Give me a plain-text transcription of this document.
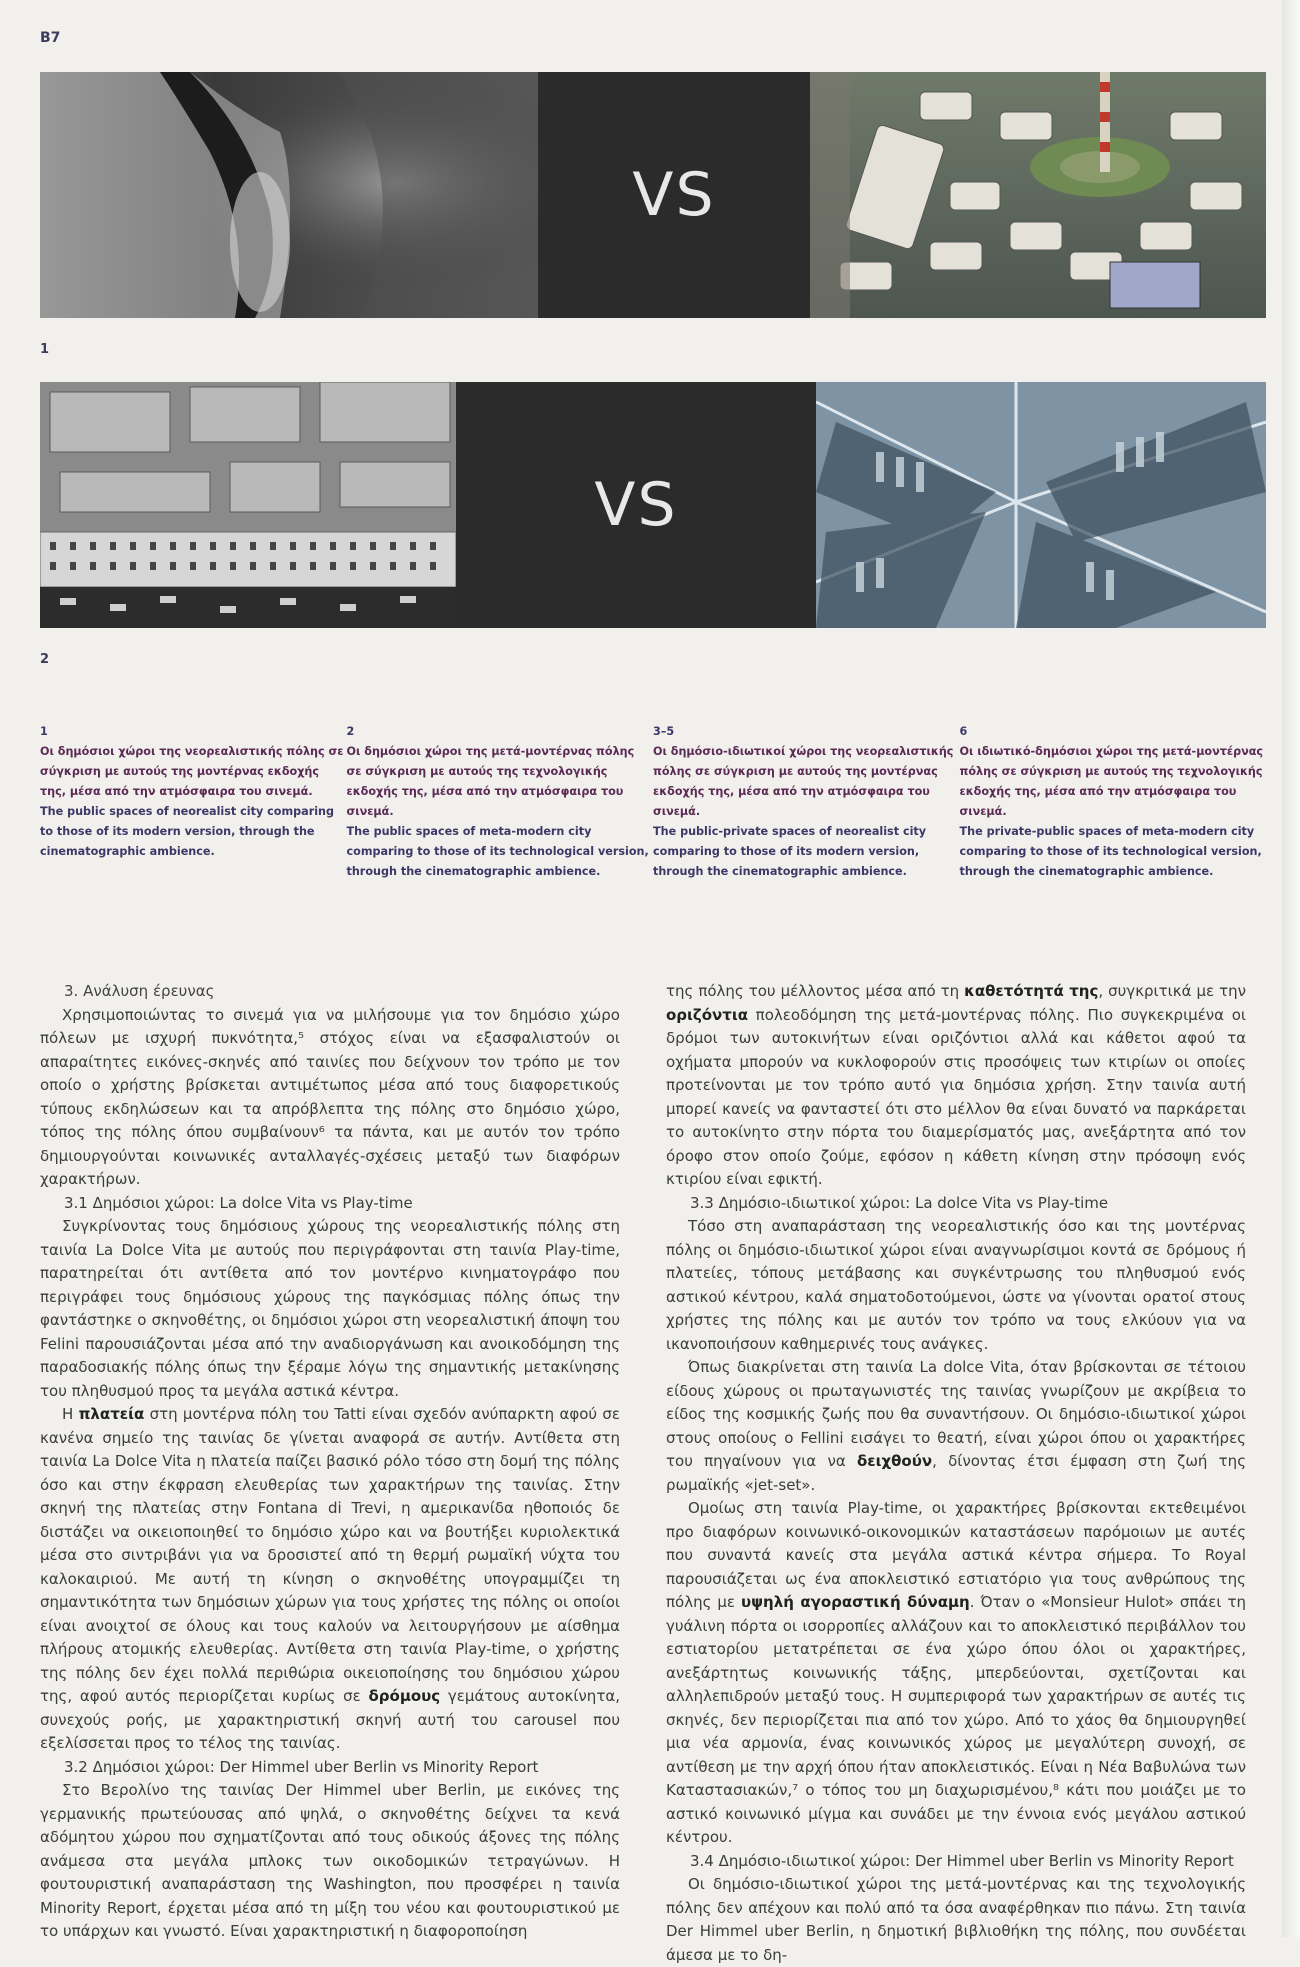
B7
VS
1
VS
2
1
Οι δημόσιοι χώροι της νεορεαλιστικής πόλης σε σύγκριση με αυτούς της μοντέρνας εκδοχής της, μέσα από την ατμόσφαιρα του σινεμά.
The public spaces of neorealist city comparing to those of its modern version, through the cinematographic ambience.
2
Οι δημόσιοι χώροι της μετά-μοντέρνας πόλης σε σύγκριση με αυτούς της τεχνολογικής εκδοχής της, μέσα από την ατμόσφαιρα του σινεμά.
The public spaces of meta-modern city comparing to those of its technological version, through the cinematographic ambience.
3–5
Οι δημόσιο-ιδιωτικοί χώροι της νεορεαλιστικής πόλης σε σύγκριση με αυτούς της μοντέρνας εκδοχής της, μέσα από την ατμόσφαιρα του σινεμά.
The public-private spaces of neorealist city comparing to those of its modern version, through the cinematographic ambience.
6
Οι ιδιωτικό-δημόσιοι χώροι της μετά-μοντέρνας πόλης σε σύγκριση με αυτούς της τεχνολογικής εκδοχής της, μέσα από την ατμόσφαιρα του σινεμά.
The private-public spaces of meta-modern city comparing to those of its technological version, through the cinematographic ambience.

3. Ανάλυση έρευνας

Χρησιμοποιώντας το σινεμά για να μιλήσουμε για τον δημόσιο χώρο πόλεων με ισχυρή πυκνότητα,⁵ στόχος είναι να εξασφαλιστούν οι απαραίτητες εικόνες-σκηνές από ταινίες που δείχνουν τον τρόπο με τον οποίο ο χρήστης βρίσκεται αντιμέτωπος μέσα από τους διαφορετικούς τύπους εκδηλώσεων και τα απρόβλεπτα της πόλης στο δημόσιο χώρο, τόπος της πόλης όπου συμβαίνουν⁶ τα πάντα, και με αυτόν τον τρόπο δημιουργούνται κοινωνικές ανταλλαγές-σχέσεις μεταξύ των διαφόρων χαρακτήρων.

3.1 Δημόσιοι χώροι: La dolce Vita vs Play-time

Συγκρίνοντας τους δημόσιους χώρους της νεορεαλιστικής πόλης στη ταινία La Dolce Vita με αυτούς που περιγράφονται στη ταινία Play-time, παρατηρείται ότι αντίθετα από τον μοντέρνο κινηματογράφο που περιγράφει τους δημόσιους χώρους της παγκόσμιας πόλης όπως την φαντάστηκε ο σκηνοθέτης, οι δημόσιοι χώροι στη νεορεαλιστική άποψη του Felini παρουσιάζονται μέσα από την αναδιοργάνωση και ανοικοδόμηση της παραδοσιακής πόλης όπως την ξέραμε λόγω της σημαντικής μετακίνησης του πληθυσμού προς τα μεγάλα αστικά κέντρα.

Η πλατεία στη μοντέρνα πόλη του Tatti είναι σχεδόν ανύπαρκτη αφού σε κανένα σημείο της ταινίας δε γίνεται αναφορά σε αυτήν. Αντίθετα στη ταινία La Dolce Vita η πλατεία παίζει βασικό ρόλο τόσο στη δομή της πόλης όσο και στην έκφραση ελευθερίας των χαρακτήρων της ταινίας. Στην σκηνή της πλατείας στην Fontana di Trevi, η αμερικανίδα ηθοποιός δε διστάζει να οικειοποιηθεί το δημόσιο χώρο και να βουτήξει κυριολεκτικά μέσα στο σιντριβάνι για να δροσιστεί από τη θερμή ρωμαϊκή νύχτα του καλοκαιριού. Με αυτή τη κίνηση ο σκηνοθέτης υπογραμμίζει τη σημαντικότητα των δημόσιων χώρων για τους χρήστες της πόλης οι οποίοι είναι ανοιχτοί σε όλους και τους καλούν να λειτουργήσουν με αίσθημα πλήρους ατομικής ελευθερίας. Αντίθετα στη ταινία Play-time, ο χρήστης της πόλης δεν έχει πολλά περιθώρια οικειοποίησης του δημόσιου χώρου της, αφού αυτός περιορίζεται κυρίως σε δρόμους γεμάτους αυτοκίνητα, συνεχούς ροής, με χαρακτηριστική σκηνή αυτή του carousel που εξελίσσεται προς το τέλος της ταινίας.

3.2 Δημόσιοι χώροι: Der Himmel uber Berlin vs Minority Report

Στο Βερολίνο της ταινίας Der Himmel uber Berlin, με εικόνες της γερμανικής πρωτεύουσας από ψηλά, ο σκηνοθέτης δείχνει τα κενά αδόμητου χώρου που σχηματίζονται από τους οδικούς άξονες της πόλης ανάμεσα στα μεγάλα μπλοκς των οικοδομικών τετραγώνων. Η φουτουριστική αναπαράσταση της Washington, που προσφέρει η ταινία Minority Report, έρχεται μέσα από τη μίξη του νέου και φουτουριστικού με το υπάρχων και γνωστό. Είναι χαρακτηριστική η διαφοροποίηση

της πόλης του μέλλοντος μέσα από τη καθετότητά της, συγκριτικά με την οριζόντια πολεοδόμηση της μετά-μοντέρνας πόλης. Πιο συγκεκριμένα οι δρόμοι των αυτοκινήτων είναι οριζόντιοι αλλά και κάθετοι αφού τα οχήματα μπορούν να κυκλοφορούν στις προσόψεις των κτιρίων οι οποίες προτείνονται με τον τρόπο αυτό για δημόσια χρήση. Στην ταινία αυτή μπορεί κανείς να φανταστεί ότι στο μέλλον θα είναι δυνατό να παρκάρεται το αυτοκίνητο στην πόρτα του διαμερίσματός μας, ανεξάρτητα από τον όροφο στον οποίο ζούμε, εφόσον η κάθετη κίνηση στην πρόσοψη ενός κτιρίου είναι εφικτή.

3.3 Δημόσιο-ιδιωτικοί χώροι: La dolce Vita vs Play-time

Τόσο στη αναπαράσταση της νεορεαλιστικής όσο και της μοντέρνας πόλης οι δημόσιο-ιδιωτικοί χώροι είναι αναγνωρίσιμοι κοντά σε δρόμους ή πλατείες, τόπους μετάβασης και συγκέντρωσης του πληθυσμού ενός αστικού κέντρου, καλά σηματοδοτούμενοι, ώστε να γίνονται ορατοί στους χρήστες της πόλης και με αυτόν τον τρόπο να τους ελκύουν για να ικανοποιήσουν καθημερινές τους ανάγκες.

Όπως διακρίνεται στη ταινία La dolce Vita, όταν βρίσκονται σε τέτοιου είδους χώρους οι πρωταγωνιστές της ταινίας γνωρίζουν με ακρίβεια το είδος της κοσμικής ζωής που θα συναντήσουν. Οι δημόσιο-ιδιωτικοί χώροι στους οποίους ο Fellini εισάγει το θεατή, είναι χώροι όπου οι χαρακτήρες του πηγαίνουν για να δειχθούν, δίνοντας έτσι έμφαση στη ζωή της ρωμαϊκής «jet-set».

Ομοίως στη ταινία Play-time, οι χαρακτήρες βρίσκονται εκτεθειμένοι προ διαφόρων κοινωνικό-οικονομικών καταστάσεων παρόμοιων με αυτές που συναντά κανείς στα μεγάλα αστικά κέντρα σήμερα. Το Royal παρουσιάζεται ως ένα αποκλειστικό εστιατόριο για τους ανθρώπους της πόλης με υψηλή αγοραστική δύναμη. Όταν ο «Monsieur Hulot» σπάει τη γυάλινη πόρτα οι ισορροπίες αλλάζουν και το αποκλειστικό περιβάλλον του εστιατορίου μετατρέπεται σε ένα χώρο όπου όλοι οι χαρακτήρες, ανεξάρτητως κοινωνικής τάξης, μπερδεύονται, σχετίζονται και αλληλεπιδρούν μεταξύ τους. Η συμπεριφορά των χαρακτήρων σε αυτές τις σκηνές, δεν περιορίζεται πια από τον χώρο. Από το χάος θα δημιουργηθεί μια νέα αρμονία, ένας κοινωνικός χώρος με μεγαλύτερη συνοχή, σε αντίθεση με την αρχή όπου ήταν αποκλειστικός. Είναι η Νέα Βαβυλώνα των Καταστασιακών,⁷ ο τόπος του μη διαχωρισμένου,⁸ κάτι που μοιάζει με το αστικό κοινωνικό μίγμα και συνάδει με την έννοια ενός μεγάλου αστικού κέντρου.

3.4 Δημόσιο-ιδιωτικοί χώροι: Der Himmel uber Berlin vs Minority Report

Οι δημόσιο-ιδιωτικοί χώροι της μετά-μοντέρνας και της τεχνολογικής πόλης δεν απέχουν και πολύ από τα όσα αναφέρθηκαν πιο πάνω. Στη ταινία Der Himmel uber Berlin, η δημοτική βιβλιοθήκη της πόλης, που συνδέεται άμεσα με το δη-
